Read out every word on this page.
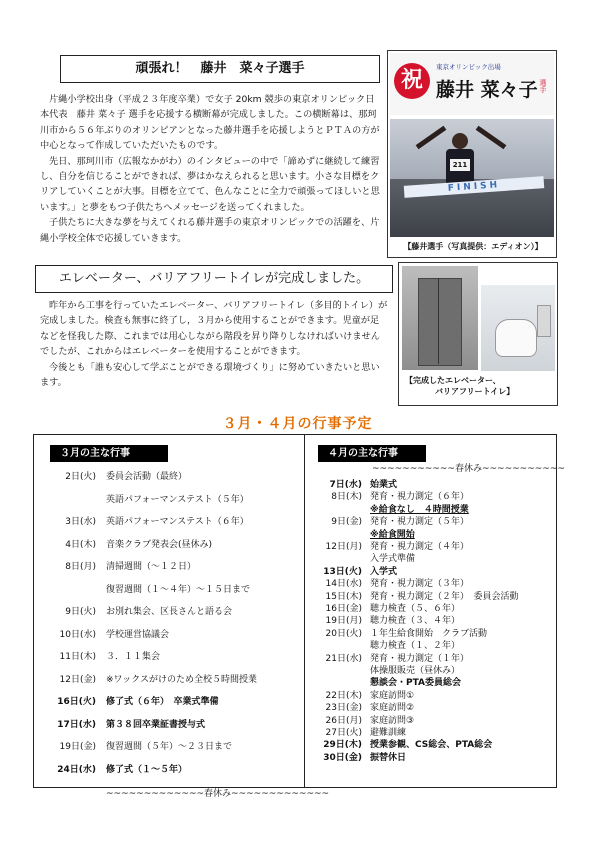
頑張れ！　藤井　菜々子選手

片縄小学校出身（平成２３年度卒業）で女子 20km 競歩の東京オリンピック日本代表　藤井 菜々子 選手を応援する横断幕が完成しました。この横断幕は、那珂川市から５６年ぶりのオリンピアンとなった藤井選手を応援しようとＰＴＡの方が中心となって作成していただいたものです。

先日、那珂川市（広報なかがわ）のインタビューの中で「諦めずに継続して練習し、自分を信じることができれば、夢はかなえられると思います。小さな目標をクリアしていくことが大事。目標を立てて、色んなことに全力で頑張ってほしいと思います。」と夢をもつ子供たちへメッセージを送ってくれました。

子供たちに大きな夢を与えてくれる藤井選手の東京オリンピックでの活躍を、片縄小学校全体で応援していきます。

祝
東京オリンピック出場
藤井 菜々子 選手
211
FINISH
【藤井選手（写真提供：エディオン）】
エレベーター、バリアフリートイレが完成しました。

昨年から工事を行っていたエレベーター、バリアフリートイレ（多目的トイレ）が完成しました。検査も無事に終了し，３月から使用することができます。児童が足などを怪我した際、これまでは用心しながら階段を昇り降りしなければいけませんでしたが、これからはエレベーターを使用することができます。

今後とも「誰も安心して学ぶことができる環境づくり」に努めていきたいと思います。	【完成したエレベーター、
バリアフリートイレ】
３月・４月の行事予定
３月の主な行事
2日(火) 委員会活動（最終）
英語パフォーマンステスト（５年）
3日(水) 英語パフォーマンステスト（６年）
4日(木) 音楽クラブ発表会(昼休み)
8日(月) 清掃週間（～１２日）
復習週間（１～４年）～１５日まで
9日(火) お別れ集会、区長さんと語る会
10日(水) 学校運営協議会
11日(木) ３．１１集会
12日(金) ※ワックスがけのため全校５時間授業
16日(火) 修了式（６年）　卒業式準備
17日(水) 第３８回卒業証書授与式
19日(金) 復習週間（５年）～２３日まで
24日(水) 修了式（１～５年）
~~~~~~~~~~~~~春休み~~~~~~~~~~~~~
４月の主な行事
~~~~~~~~~~~春休み~~~~~~~~~~~
7日(水) 始業式
8日(木) 発育・視力測定（６年）
※給食なし　４時間授業
9日(金) 発育・視力測定（５年）
※給食開始
12日(月) 発育・視力測定（４年）
入学式準備
13日(火) 入学式
14日(水) 発育・視力測定（３年）
15日(木) 発育・視力測定（２年）　委員会活動
16日(金) 聴力検査（５、６年）
19日(月) 聴力検査（３、４年）
20日(火) １年生給食開始　クラブ活動
聴力検査（１、２年）
21日(水) 発育・視力測定（１年）
体操服販売（昼休み）
懇談会・PTA委員総会
22日(木) 家庭訪問①
23日(金) 家庭訪問②
26日(月) 家庭訪問③
27日(火) 避難訓練
29日(木) 授業参観、CS総会、PTA総会
30日(金) 振替休日
